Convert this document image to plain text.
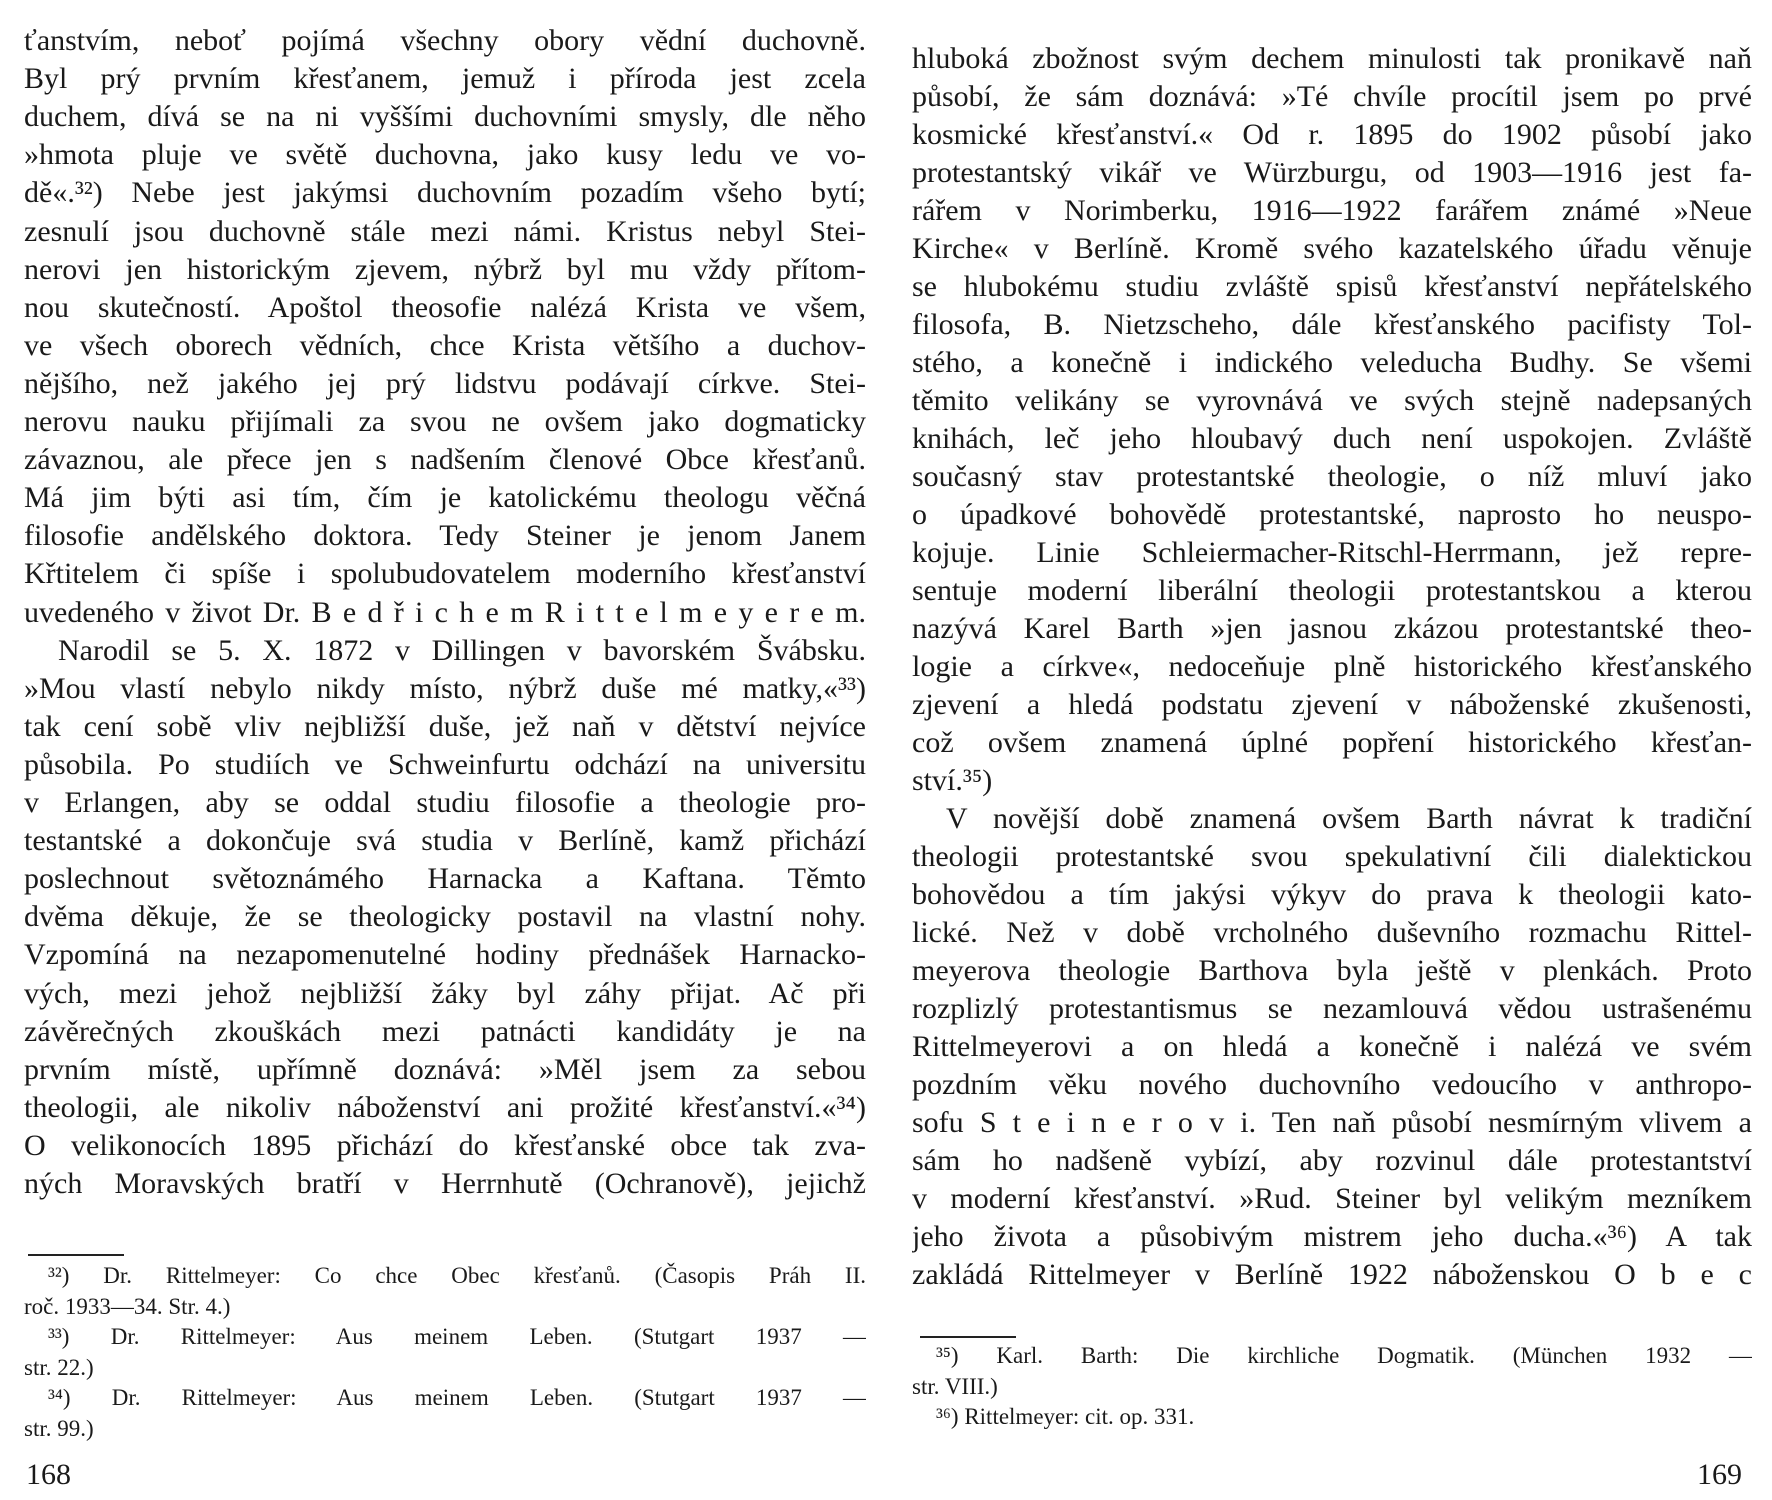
ťanstvím, neboť pojímá všechny obory vědní duchovně.
Byl prý prvním křesťanem, jemuž i příroda jest zcela
duchem, dívá se na ni vyššími duchovními smysly, dle něho
»hmota pluje ve světě duchovna, jako kusy ledu ve vo-
dě«.³²) Nebe jest jakýmsi duchovním pozadím všeho bytí;
zesnulí jsou duchovně stále mezi námi. Kristus nebyl Stei-
nerovi jen historickým zjevem, nýbrž byl mu vždy přítom-
nou skutečností. Apoštol theosofie nalézá Krista ve všem,
ve všech oborech vědních, chce Krista většího a duchov-
nějšího, než jakého jej prý lidstvu podávají církve. Stei-
nerovu nauku přijímali za svou ne ovšem jako dogmaticky
závaznou, ale přece jen s nadšením členové Obce křesťanů.
Má jim býti asi tím, čím je katolickému theologu věčná
filosofie andělského doktora. Tedy Steiner je jenom Janem
Křtitelem či spíše i spolubudovatelem moderního křesťanství
uvedeného v život Dr. B e d ř i c h e m R i t t e l m e y e r e m.
Narodil se 5. X. 1872 v Dillingen v bavorském Švábsku.
»Mou vlastí nebylo nikdy místo, nýbrž duše mé matky,«³³)
tak cení sobě vliv nejbližší duše, jež naň v dětství nejvíce
působila. Po studiích ve Schweinfurtu odchází na universitu
v Erlangen, aby se oddal studiu filosofie a theologie pro-
testantské a dokončuje svá studia v Berlíně, kamž přichází
poslechnout světoznámého Harnacka a Kaftana. Těmto
dvěma děkuje, že se theologicky postavil na vlastní nohy.
Vzpomíná na nezapomenutelné hodiny přednášek Harnacko-
vých, mezi jehož nejbližší žáky byl záhy přijat. Ač při
závěrečných zkouškách mezi patnácti kandidáty je na
prvním místě, upřímně doznává: »Měl jsem za sebou
theologii, ale nikoliv náboženství ani prožité křesťanství.«³⁴)
O velikonocích 1895 přichází do křesťanské obce tak zva-
ných Moravských bratří v Herrnhutě (Ochranově), jejichž
³²) Dr. Rittelmeyer: Co chce Obec křesťanů. (Časopis Práh II.
roč. 1933—34. Str. 4.)
³³) Dr. Rittelmeyer: Aus meinem Leben. (Stutgart 1937 —
str. 22.)
³⁴) Dr. Rittelmeyer: Aus meinem Leben. (Stutgart 1937 —
str. 99.)
168
hluboká zbožnost svým dechem minulosti tak pronikavě naň
působí, že sám doznává: »Té chvíle procítil jsem po prvé
kosmické křesťanství.« Od r. 1895 do 1902 působí jako
protestantský vikář ve Würzburgu, od 1903—1916 jest fa-
rářem v Norimberku, 1916—1922 farářem známé »Neue
Kirche« v Berlíně. Kromě svého kazatelského úřadu věnuje
se hlubokému studiu zvláště spisů křesťanství nepřátelského
filosofa, B. Nietzscheho, dále křesťanského pacifisty Tol-
stého, a konečně i indického veleducha Budhy. Se všemi
těmito velikány se vyrovnává ve svých stejně nadepsaných
knihách, leč jeho hloubavý duch není uspokojen. Zvláště
současný stav protestantské theologie, o níž mluví jako
o úpadkové bohovědě protestantské, naprosto ho neuspo-
kojuje. Linie Schleiermacher-Ritschl-Herrmann, jež repre-
sentuje moderní liberální theologii protestantskou a kterou
nazývá Karel Barth »jen jasnou zkázou protestantské theo-
logie a církve«, nedoceňuje plně historického křesťanského
zjevení a hledá podstatu zjevení v náboženské zkušenosti,
což ovšem znamená úplné popření historického křesťan-
ství.³⁵)
V novější době znamená ovšem Barth návrat k tradiční
theologii protestantské svou spekulativní čili dialektickou
bohovědou a tím jakýsi výkyv do prava k theologii kato-
lické. Než v době vrcholného duševního rozmachu Rittel-
meyerova theologie Barthova byla ještě v plenkách. Proto
rozplizlý protestantismus se nezamlouvá vědou ustrašenému
Rittelmeyerovi a on hledá a konečně i nalézá ve svém
pozdním věku nového duchovního vedoucího v anthropo-
sofu S t e i n e r o v i. Ten naň působí nesmírným vlivem a
sám ho nadšeně vybízí, aby rozvinul dále protestantství
v moderní křesťanství. »Rud. Steiner byl velikým mezníkem
jeho života a působivým mistrem jeho ducha.«³⁶) A tak
zakládá Rittelmeyer v Berlíně 1922 náboženskou O b e c
³⁵) Karl. Barth: Die kirchliche Dogmatik. (München 1932 —
str. VIII.)
³⁶) Rittelmeyer: cit. op. 331.
169
